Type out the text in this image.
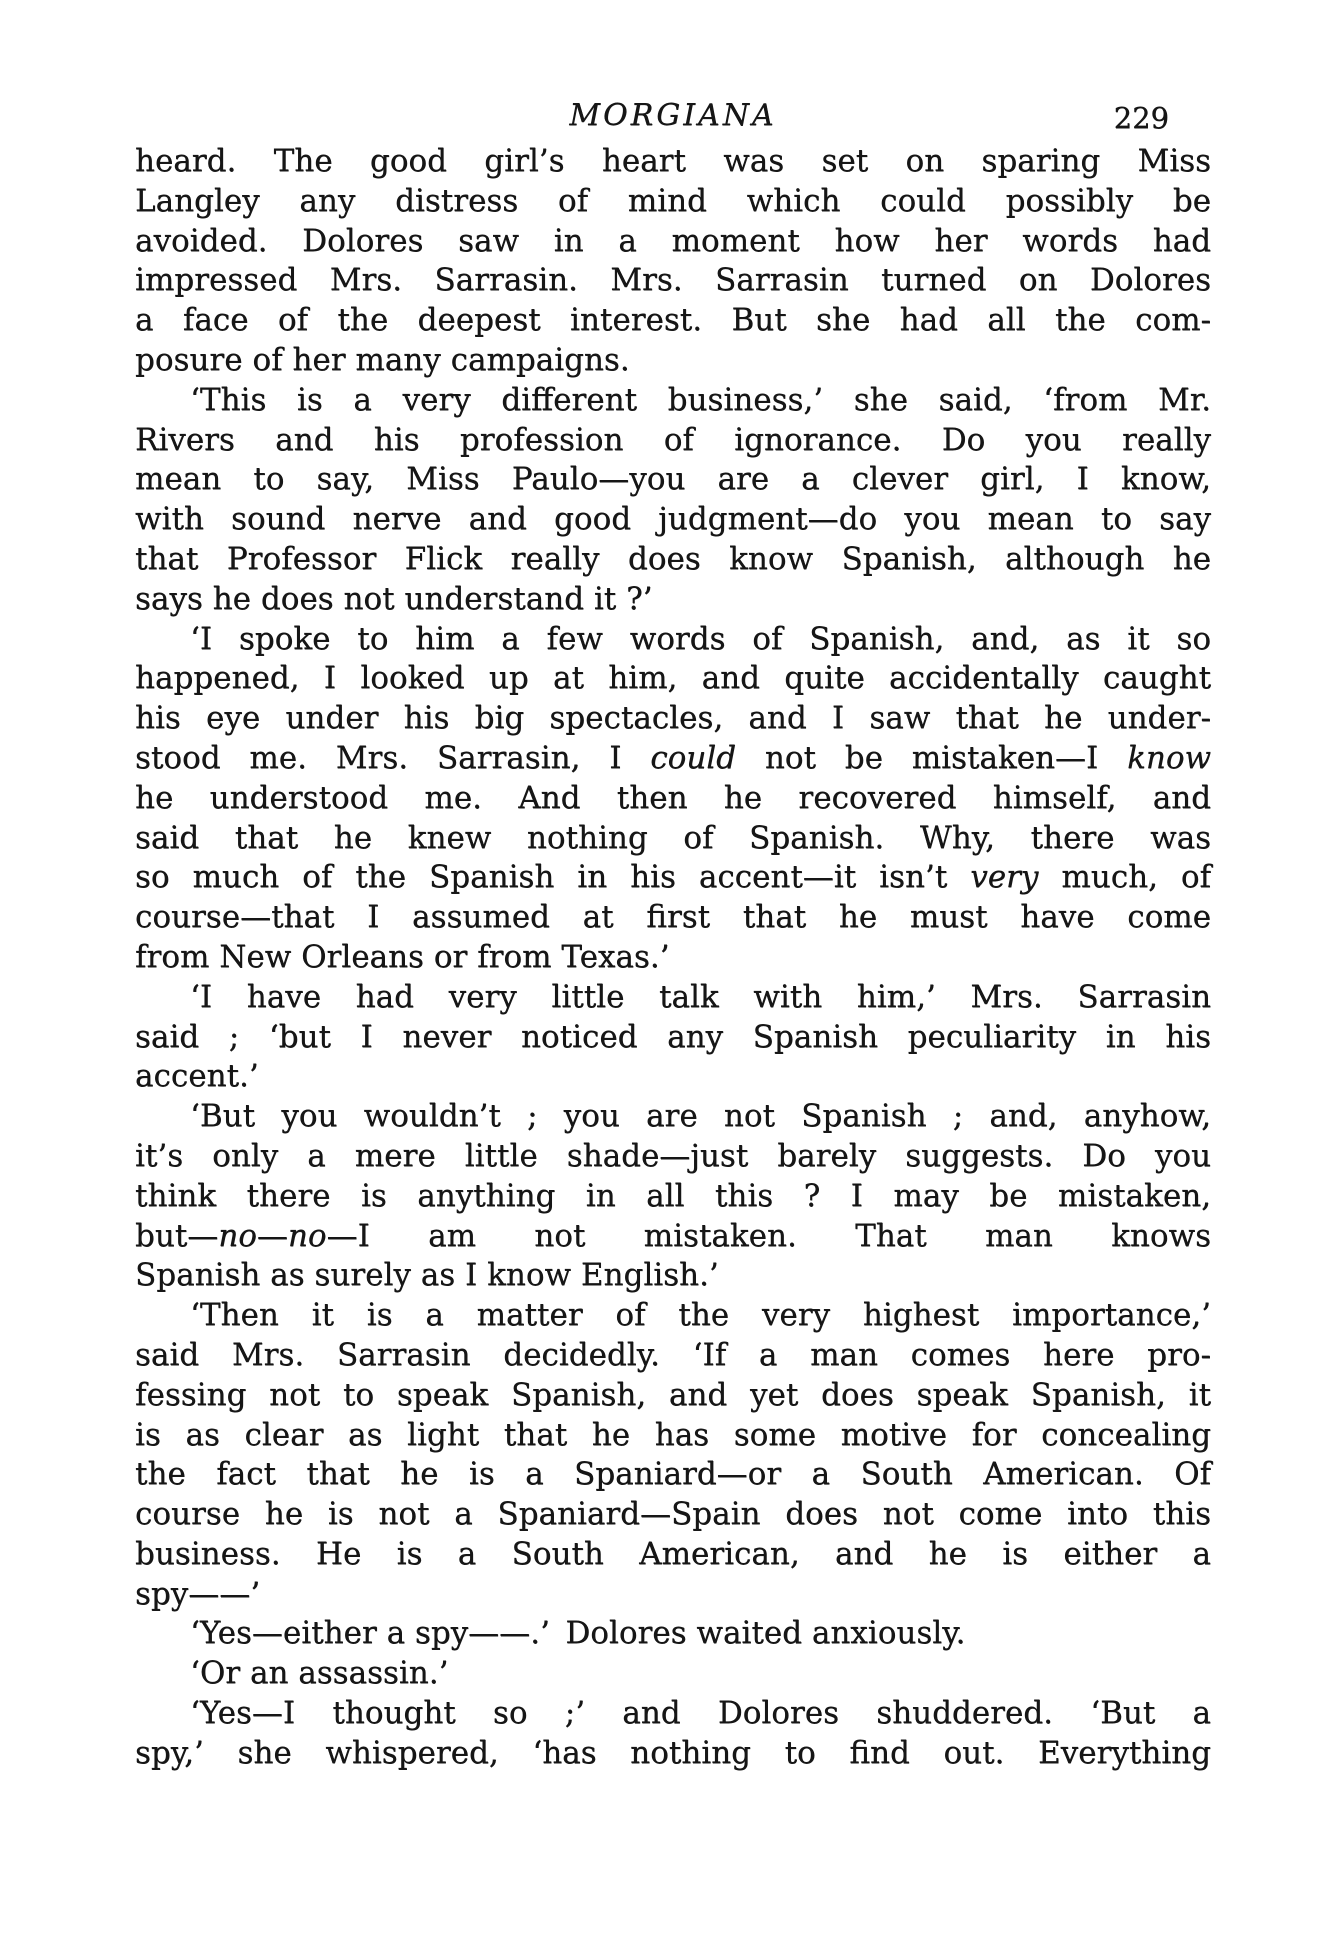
MORGIANA	229
heard. The good girl’s heart was set on sparing Miss
Langley any distress of mind which could possibly be
avoided. Dolores saw in a moment how her words had
impressed Mrs. Sarrasin. Mrs. Sarrasin turned on Dolores
a face of the deepest interest. But she had all the com-
posure of her many campaigns.
‘This is a very different business,’ she said, ‘from Mr.
Rivers and his profession of ignorance. Do you really
mean to say, Miss Paulo—you are a clever girl, I know,
with sound nerve and good judgment—do you mean to say
that Professor Flick really does know Spanish, although he
says he does not understand it ?’
‘I spoke to him a few words of Spanish, and, as it so
happened, I looked up at him, and quite accidentally caught
his eye under his big spectacles, and I saw that he under-
stood me. Mrs. Sarrasin, I could not be mistaken—I know
he understood me. And then he recovered himself, and
said that he knew nothing of Spanish. Why, there was
so much of the Spanish in his accent—it isn’t very much, of
course—that I assumed at first that he must have come
from New Orleans or from Texas.’
‘I have had very little talk with him,’ Mrs. Sarrasin
said ; ‘but I never noticed any Spanish peculiarity in his
accent.’
‘But you wouldn’t ; you are not Spanish ; and, anyhow,
it’s only a mere little shade—just barely suggests. Do you
think there is anything in all this ? I may be mistaken,
but—no—no—I am not mistaken. That man knows
Spanish as surely as I know English.’
‘Then it is a matter of the very highest importance,’
said Mrs. Sarrasin decidedly. ‘If a man comes here pro-
fessing not to speak Spanish, and yet does speak Spanish, it
is as clear as light that he has some motive for concealing
the fact that he is a Spaniard—or a South American. Of
course he is not a Spaniard—Spain does not come into this
business. He is a South American, and he is either a
spy——’
‘Yes—either a spy——.’ Dolores waited anxiously.
‘Or an assassin.’
‘Yes—I thought so ;’ and Dolores shuddered. ‘But a
spy,’ she whispered, ‘has nothing to find out. Everything
